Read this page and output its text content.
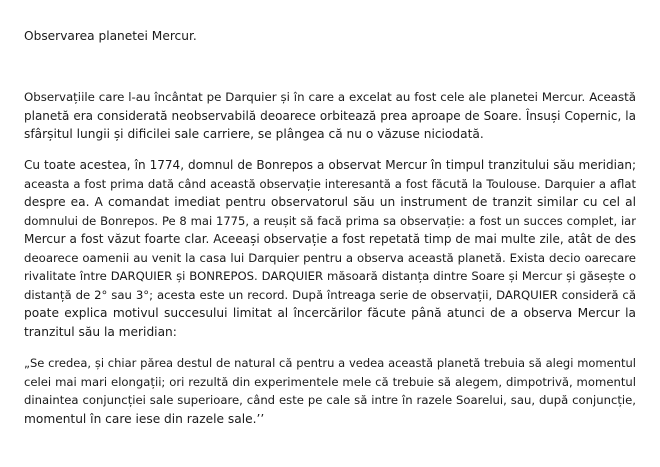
Observarea planetei Mercur.
Observațiile care l-au încântat pe Darquier și în care a excelat au fost cele ale planetei Mercur. Această
planetă era considerată neobservabilă deoarece orbitează prea aproape de Soare. Însuși Copernic, la
sfârșitul lungii și dificilei sale carriere, se plângea că nu o văzuse niciodată.
Cu toate acestea, în 1774, domnul de Bonrepos a observat Mercur în timpul tranzitului său meridian;
aceasta a fost prima dată când această observație interesantă a fost făcută la Toulouse. Darquier a aflat
despre ea. A comandat imediat pentru observatorul său un instrument de tranzit similar cu cel al
domnului de Bonrepos. Pe 8 mai 1775, a reușit să facă prima sa observație: a fost un succes complet, iar
Mercur a fost văzut foarte clar. Aceeași observație a fost repetată timp de mai multe zile, atât de des
deoarece oamenii au venit la casa lui Darquier pentru a observa această planetă. Exista decio oarecare
rivalitate între DARQUIER și BONREPOS. DARQUIER măsoară distanța dintre Soare și Mercur și găsește o
distanță de 2° sau 3°; acesta este un record. După întreaga serie de observații, DARQUIER consideră că
poate explica motivul succesului limitat al încercărilor făcute până atunci de a observa Mercur la
tranzitul său la meridian:
„Se credea, și chiar părea destul de natural că pentru a vedea această planetă trebuia să alegi momentul
celei mai mari elongații; ori rezultă din experimentele mele că trebuie să alegem, dimpotrivă, momentul
dinaintea conjuncției sale superioare, când este pe cale să intre în razele Soarelui, sau, după conjuncție,
momentul în care iese din razele sale.’’
